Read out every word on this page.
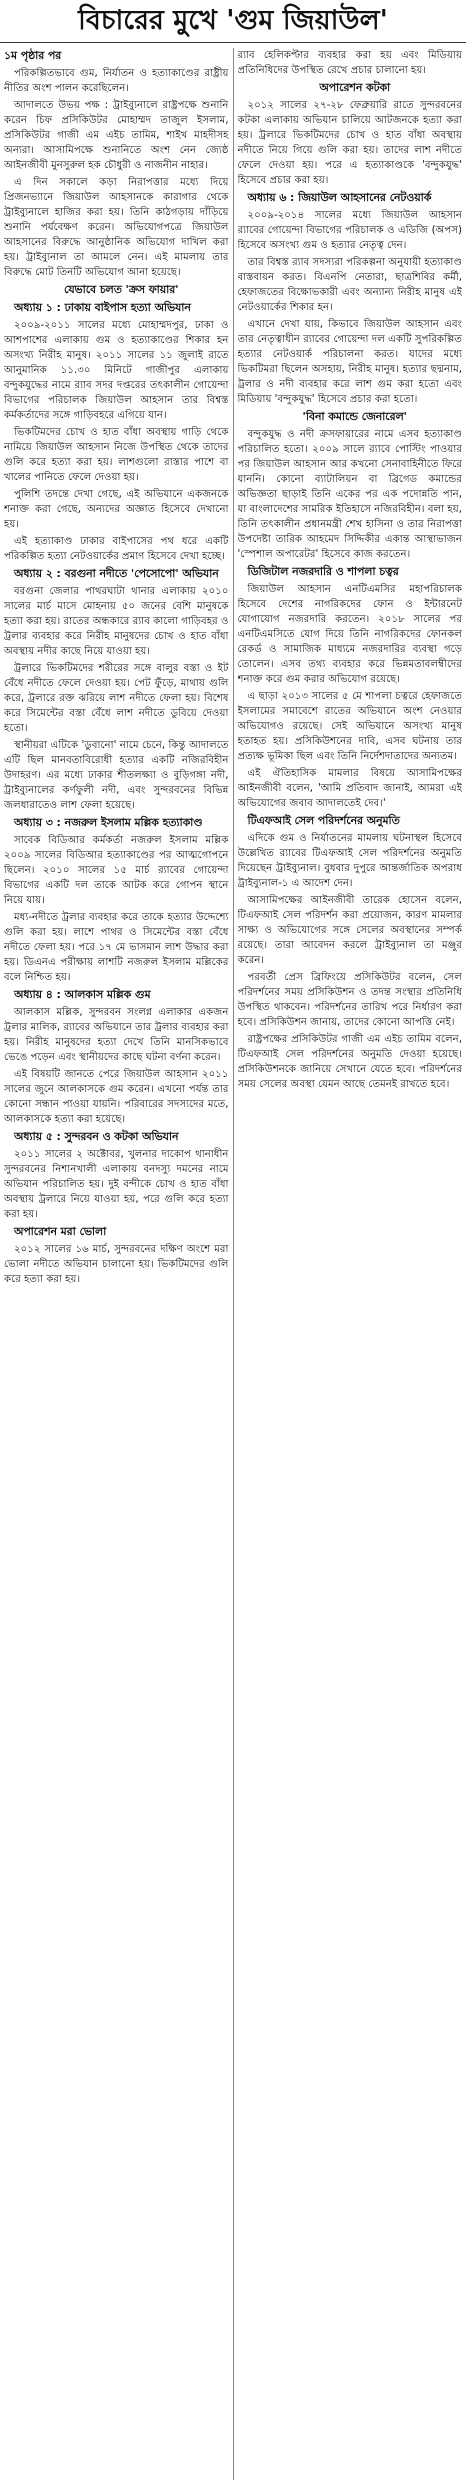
বিচারের মুখে 'গুম জিয়াউল'

১ম পৃষ্ঠার পর

পরিকল্পিতভাবে গুম, নির্যাতন ও হত্যাকাণ্ডের রাষ্ট্রীয় নীতির অংশ পালন করেছিলেন।

আদালতে উভয় পক্ষ : ট্রাইব্যুনালে রাষ্ট্রপক্ষে শুনানি করেন চিফ প্রসিকিউটর মোহাম্মদ তাজুল ইসলাম, প্রসিকিউটর গাজী এম এইচ তামিম, শাইখ মাহদীসহ অন্যরা। আসামিপক্ষে শুনানিতে অংশ নেন জ্যেষ্ঠ আইনজীবী মুনসুরুল হক চৌধুরী ও নাজনীন নাহার।

এ দিন সকালে কড়া নিরাপত্তার মধ্যে দিয়ে প্রিজনভ্যানে জিয়াউল আহসানকে কারাগার থেকে ট্রাইব্যুনালে হাজির করা হয়। তিনি কাঠগড়ায় দাঁড়িয়ে শুনানি পর্যবেক্ষণ করেন। অভিযোগপত্রে জিয়াউল আহসানের বিরুদ্ধে আনুষ্ঠানিক অভিযোগ দাখিল করা হয়। ট্রাইব্যুনাল তা আমলে নেন। এই মামলায় তার বিরুদ্ধে মোট তিনটি অভিযোগ আনা হয়েছে।

যেভাবে চলত 'ক্রস ফায়ার'

অধ্যায় ১ : ঢাকায় বাইপাস হত্যা অভিযান

২০০৯-২০১১ সালের মধ্যে মোহাম্মদপুর, ঢাকা ও আশপাশের এলাকায় গুম ও হত্যাকাণ্ডের শিকার হন অসংখ্য নিরীহ মানুষ। ২০১১ সালের ১১ জুলাই রাতে আনুমানিক ১১.৩০ মিনিটে গাজীপুর এলাকায় বন্দুকযুদ্ধের নামে র‍্যাব সদর দপ্তরের তৎকালীন গোয়েন্দা বিভাগের পরিচালক জিয়াউল আহসান তার বিশ্বস্ত কর্মকর্তাদের সঙ্গে গাড়িবহরে এগিয়ে যান।

ভিকটিমদের চোখ ও হাত বাঁধা অবস্থায় গাড়ি থেকে নামিয়ে জিয়াউল আহসান নিজে উপস্থিত থেকে তাদের গুলি করে হত্যা করা হয়। লাশগুলো রাস্তার পাশে বা খালের পানিতে ফেলে দেওয়া হয়।

পুলিশি তদন্তে দেখা গেছে, এই অভিযানে একজনকে শনাক্ত করা গেছে, অন্যদের অজ্ঞাত হিসেবে দেখানো হয়।

এই হত্যাকাণ্ড ঢাকার বাইপাসের পথ ধরে একটি পরিকল্পিত হত্যা নেটওয়ার্কের প্রমাণ হিসেবে দেখা হচ্ছে।

অধ্যায় ২ : বরগুনা নদীতে 'পেসোপো' অভিযান

বরগুনা জেলার পাথরঘাটা থানার এলাকায় ২০১০ সালের মার্চ মাসে মোহনায় ৫০ জনের বেশি মানুষকে হত্যা করা হয়। রাতের অন্ধকারে র‍্যাব কালো গাড়িবহর ও ট্রলার ব্যবহার করে নিরীহ মানুষদের চোখ ও হাত বাঁধা অবস্থায় নদীর কাছে নিয়ে যাওয়া হয়।

ট্রলারে ভিকটিমদের শরীরের সঙ্গে বালুর বস্তা ও ইট বেঁধে নদীতে ফেলে দেওয়া হয়। পেট ফুঁড়ে, মাথায় গুলি করে, ট্রলারে রক্ত ঝরিয়ে লাশ নদীতে ফেলা হয়। বিশেষ করে সিমেন্টের বস্তা বেঁধে লাশ নদীতে ডুবিয়ে দেওয়া হতো।

স্থানীয়রা এটিকে 'ডুবানো' নামে চেনে, কিন্তু আদালতে এটি ছিল মানবতাবিরোধী হত্যার একটি নজিরবিহীন উদাহরণ। এর মধ্যে ঢাকার শীতলক্ষ্যা ও বুড়িগঙ্গা নদী, ট্রাইব্যুনালের কর্ণফুলী নদী, এবং সুন্দরবনের বিভিন্ন জলধারাতেও লাশ ফেলা হয়েছে।

অধ্যায় ৩ : নজরুল ইসলাম মল্লিক হত্যাকাণ্ড

সাবেক বিডিআর কর্মকর্তা নজরুল ইসলাম মল্লিক ২০০৯ সালের বিডিআর হত্যাকাণ্ডের পর আত্মগোপনে ছিলেন। ২০১০ সালের ১৫ মার্চ র‍্যাবের গোয়েন্দা বিভাগের একটি দল তাকে আটক করে গোপন স্থানে নিয়ে যায়।

মধ্য-নদীতে ট্রলার ব্যবহার করে তাকে হত্যার উদ্দেশ্যে গুলি করা হয়। লাশে পাথর ও সিমেন্টের বস্তা বেঁধে নদীতে ফেলা হয়। পরে ১৭ মে ভাসমান লাশ উদ্ধার করা হয়। ডিএনএ পরীক্ষায় লাশটি নজরুল ইসলাম মল্লিকের বলে নিশ্চিত হয়।

অধ্যায় ৪ : আলকাস মল্লিক গুম

আলকাস মল্লিক, সুন্দরবন সংলগ্ন এলাকার একজন ট্রলার মালিক, র‍্যাবের অভিযানে তার ট্রলার ব্যবহার করা হয়। নিরীহ মানুষদের হত্যা দেখে তিনি মানসিকভাবে ভেঙে পড়েন এবং স্থানীয়দের কাছে ঘটনা বর্ণনা করেন।

এই বিষয়টি জানতে পেরে জিয়াউল আহসান ২০১১ সালের জুনে আলকাসকে গুম করেন। এখনো পর্যন্ত তার কোনো সন্ধান পাওয়া যায়নি। পরিবারের সদস্যদের মতে, আলকাসকে হত্যা করা হয়েছে।

অধ্যায় ৫ : সুন্দরবন ও কটকা অভিযান

২০১১ সালের ২ অক্টোবর, খুলনার দাকোপ থানাধীন সুন্দরবনের নিশানখালী এলাকায় বনদস্যু দমনের নামে অভিযান পরিচালিত হয়। দুই বন্দীকে চোখ ও হাত বাঁধা অবস্থায় ট্রলারে নিয়ে যাওয়া হয়, পরে গুলি করে হত্যা করা হয়।

অপারেশন মরা ভোলা

২০১২ সালের ১৬ মার্চ, সুন্দরবনের দক্ষিণ অংশে মরা ভোলা নদীতে অভিযান চালানো হয়। ভিকটিমদের গুলি করে হত্যা করা হয়।

র‍্যাব হেলিকপ্টার ব্যবহার করা হয় এবং মিডিয়ায় প্রতিনিধিদের উপস্থিত রেখে প্রচার চালানো হয়।

অপারেশন কটকা

২০১২ সালের ২৭-২৮ ফেব্রুয়ারি রাতে সুন্দরবনের কটকা এলাকায় অভিযান চালিয়ে আটজনকে হত্যা করা হয়। ট্রলারে ভিকটিমদের চোখ ও হাত বাঁধা অবস্থায় নদীতে নিয়ে গিয়ে গুলি করা হয়। তাদের লাশ নদীতে ফেলে দেওয়া হয়। পরে এ হত্যাকাণ্ডকে 'বন্দুকযুদ্ধ' হিসেবে প্রচার করা হয়।

অধ্যায় ৬ : জিয়াউল আহসানের নেটওয়ার্ক

২০০৯-২০১৪ সালের মধ্যে জিয়াউল আহসান র‍্যাবের গোয়েন্দা বিভাগের পরিচালক ও এডিজি (অপস) হিসেবে অসংখ্য গুম ও হত্যার নেতৃত্ব দেন।

তার বিশ্বস্ত র‍্যাব সদস্যরা পরিকল্পনা অনুযায়ী হত্যাকাণ্ড বাস্তবায়ন করত। বিএনপি নেতারা, ছাত্রশিবির কর্মী, হেফাজতের বিক্ষোভকারী এবং অন্যান্য নিরীহ মানুষ এই নেটওয়ার্কের শিকার হন।

এখানে দেখা যায়, কিভাবে জিয়াউল আহসান এবং তার নেতৃত্বাধীন র‍্যাবের গোয়েন্দা দল একটি সুপরিকল্পিত হত্যার নেটওয়ার্ক পরিচালনা করত। যাদের মধ্যে ভিকটিমরা ছিলেন অসহায়, নিরীহ মানুষ। হত্যার ছদ্মনাম, ট্রলার ও নদী ব্যবহার করে লাশ গুম করা হতো এবং মিডিয়ায় 'বন্দুকযুদ্ধ' হিসেবে প্রচার করা হতো।

'বিনা কমান্ডে জেনারেল'

বন্দুকযুদ্ধ ও নদী ক্রসফায়ারের নামে এসব হত্যাকাণ্ড পরিচালিত হতো। ২০০৯ সালে র‍্যাবে পোস্টিং পাওয়ার পর জিয়াউল আহসান আর কখনো সেনাবাহিনীতে ফিরে যাননি। কোনো ব্যাটালিয়ন বা ব্রিগেড কমান্ডের অভিজ্ঞতা ছাড়াই তিনি একের পর এক পদোন্নতি পান, যা বাংলাদেশের সামরিক ইতিহাসে নজিরবিহীন। বলা হয়, তিনি তৎকালীন প্রধানমন্ত্রী শেখ হাসিনা ও তার নিরাপত্তা উপদেষ্টা তারিক আহমেদ সিদ্দিকীর একান্ত আস্থাভাজন 'স্পেশাল অপারেটর' হিসেবে কাজ করতেন।

ডিজিটাল নজরদারি ও শাপলা চত্বর

জিয়াউল আহসান এনটিএমসির মহাপরিচালক হিসেবে দেশের নাগরিকদের ফোন ও ইন্টারনেট যোগাযোগ নজরদারি করতেন। ২০১৮ সালের পর এনটিএমসিতে যোগ দিয়ে তিনি নাগরিকদের ফোনকল রেকর্ড ও সামাজিক মাধ্যমে নজরদারির ব্যবস্থা গড়ে তোলেন। এসব তথ্য ব্যবহার করে ভিন্নমতাবলম্বীদের শনাক্ত করে গুম করার অভিযোগ রয়েছে।

এ ছাড়া ২০১৩ সালের ৫ মে শাপলা চত্বরে হেফাজতে ইসলামের সমাবেশে রাতের অভিযানে অংশ নেওয়ার অভিযোগও রয়েছে। সেই অভিযানে অসংখ্য মানুষ হতাহত হয়। প্রসিকিউশনের দাবি, এসব ঘটনায় তার প্রত্যক্ষ ভূমিকা ছিল এবং তিনি নির্দেশদাতাদের অন্যতম।

এই ঐতিহাসিক মামলার বিষয়ে আসামিপক্ষের আইনজীবী বলেন, 'আমি প্রতিবাদ জানাই, আমরা এই অভিযোগের জবাব আদালতেই দেব।'

টিএফআই সেল পরিদর্শনের অনুমতি

এদিকে গুম ও নির্যাতনের মামলায় ঘটনাস্থল হিসেবে উল্লেখিত র‍্যাবের টিএফআই সেল পরিদর্শনের অনুমতি দিয়েছেন ট্রাইব্যুনাল। বুধবার দুপুরে আন্তর্জাতিক অপরাধ ট্রাইব্যুনাল-১ এ আদেশ দেন।

আসামিপক্ষের আইনজীবী তারেক হোসেন বলেন, টিএফআই সেল পরিদর্শন করা প্রয়োজন, কারণ মামলার সাক্ষ্য ও অভিযোগের সঙ্গে সেলের অবস্থানের সম্পর্ক রয়েছে। তারা আবেদন করলে ট্রাইব্যুনাল তা মঞ্জুর করেন।

পরবর্তী প্রেস ব্রিফিংয়ে প্রসিকিউটর বলেন, সেল পরিদর্শনের সময় প্রসিকিউশন ও তদন্ত সংস্থার প্রতিনিধি উপস্থিত থাকবেন। পরিদর্শনের তারিখ পরে নির্ধারণ করা হবে। প্রসিকিউশন জানায়, তাদের কোনো আপত্তি নেই।

রাষ্ট্রপক্ষের প্রসিকিউটর গাজী এম এইচ তামিম বলেন, টিএফআই সেল পরিদর্শনের অনুমতি দেওয়া হয়েছে। প্রসিকিউশনকে জানিয়ে সেখানে যেতে হবে। পরিদর্শনের সময় সেলের অবস্থা যেমন আছে তেমনই রাখতে হবে।
